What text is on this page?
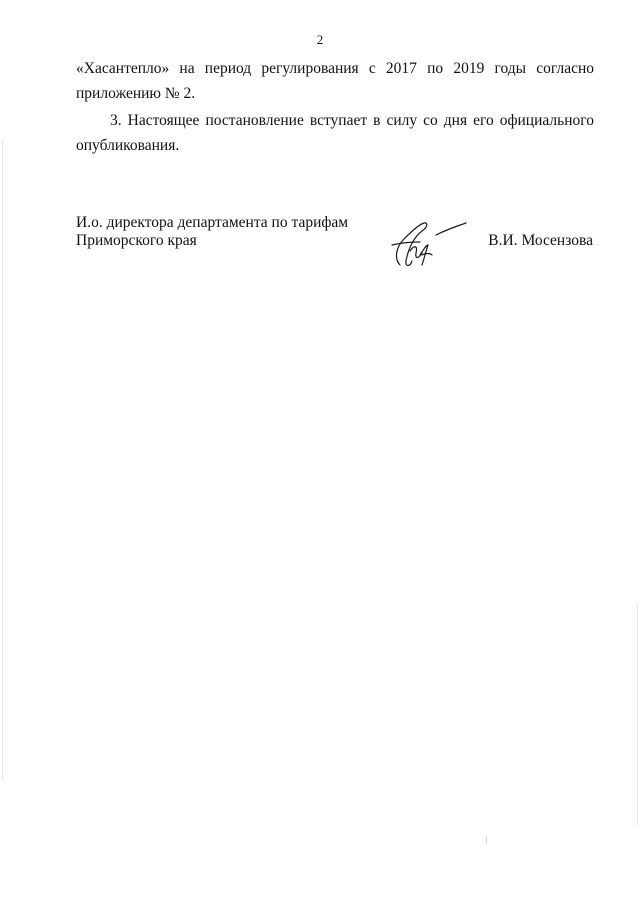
2

«Хасантепло» на период регулирования с 2017 по 2019 годы согласно
приложению № 2.

3. Настоящее постановление вступает в силу со дня его официального
опубликования.

И.о. директора департамента по тарифам
Приморского края	В.И. Мосензова
